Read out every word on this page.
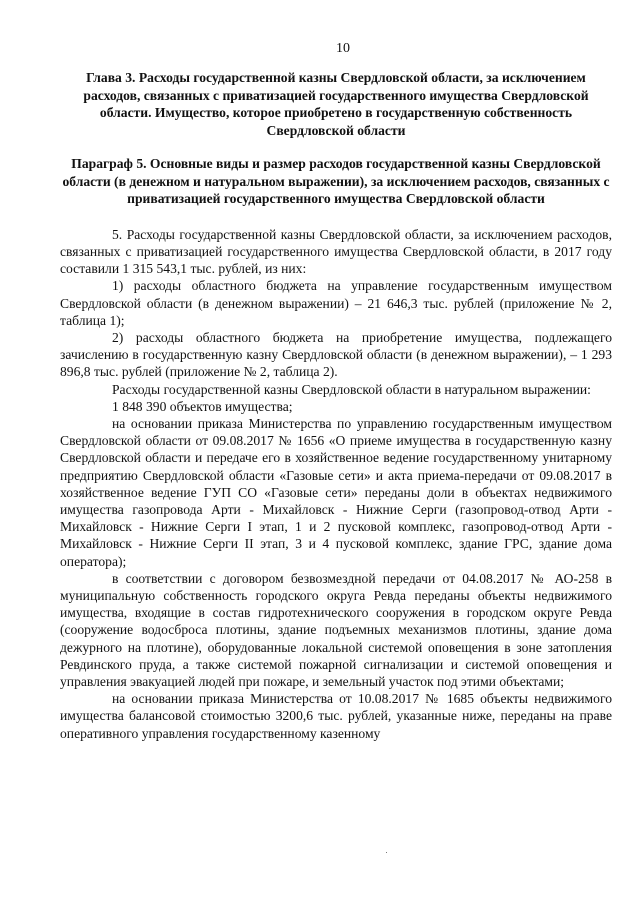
10
Глава 3. Расходы государственной казны Свердловской области, за исключением расходов, связанных с приватизацией государственного имущества Свердловской области. Имущество, которое приобретено в государственную собственность Свердловской области
Параграф 5. Основные виды и размер расходов государственной казны Свердловской области (в денежном и натуральном выражении), за исключением расходов, связанных с приватизацией государственного имущества Свердловской области

5. Расходы государственной казны Свердловской области, за исключением расходов, связанных с приватизацией государственного имущества Свердловской области, в 2017 году составили 1 315 543,1 тыс. рублей, из них:

1) расходы областного бюджета на управление государственным имуществом Свердловской области (в денежном выражении) – 21 646,3 тыс. рублей (приложение № 2, таблица 1);

2) расходы областного бюджета на приобретение имущества, подлежащего зачислению в государственную казну Свердловской области (в денежном выражении), – 1 293 896,8 тыс. рублей (приложение № 2, таблица 2).

Расходы государственной казны Свердловской области в натуральном выражении:

1 848 390 объектов имущества;

на основании приказа Министерства по управлению государственным имуществом Свердловской области от 09.08.2017 № 1656 «О приеме имущества в государственную казну Свердловской области и передаче его в хозяйственное ведение государственному унитарному предприятию Свердловской области «Газовые сети» и акта приема-передачи от 09.08.2017 в хозяйственное ведение ГУП СО «Газовые сети» переданы доли в объектах недвижимого имущества газопровода Арти - Михайловск - Нижние Серги (газопровод-отвод Арти - Михайловск - Нижние Серги I этап, 1 и 2 пусковой комплекс, газопровод-отвод Арти - Михайловск - Нижние Серги II этап, 3 и 4 пусковой комплекс, здание ГРС, здание дома оператора);

в соответствии с договором безвозмездной передачи от 04.08.2017 № АО-258 в муниципальную собственность городского округа Ревда переданы объекты недвижимого имущества, входящие в состав гидротехнического сооружения в городском округе Ревда (сооружение водосброса плотины, здание подъемных механизмов плотины, здание дома дежурного на плотине), оборудованные локальной системой оповещения в зоне затопления Ревдинского пруда, а также системой пожарной сигнализации и системой оповещения и управления эвакуацией людей при пожаре, и земельный участок под этими объектами;

на основании приказа Министерства от 10.08.2017 № 1685 объекты недвижимого имущества балансовой стоимостью 3200,6 тыс. рублей, указанные ниже, переданы на праве оперативного управления государственному казенному
